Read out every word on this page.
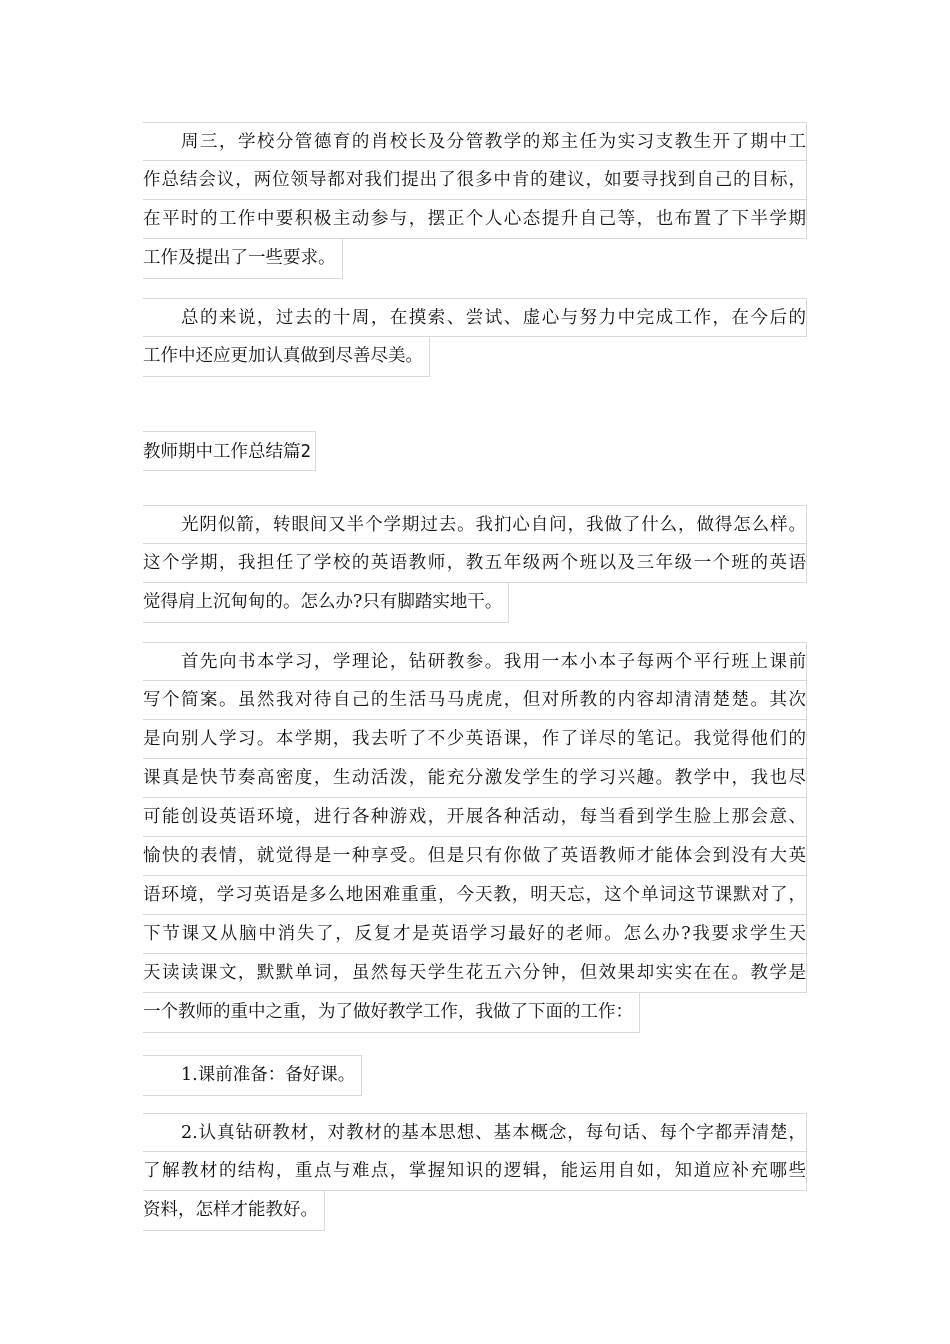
周三，学校分管德育的肖校长及分管教学的郑主任为实习支教生开了期中工
作总结会议，两位领导都对我们提出了很多中肯的建议，如要寻找到自己的目标，
在平时的工作中要积极主动参与，摆正个人心态提升自己等，也布置了下半学期
工作及提出了一些要求。
总的来说，过去的十周，在摸索、尝试、虚心与努力中完成工作，在今后的
工作中还应更加认真做到尽善尽美。
教师期中工作总结篇2
光阴似箭，转眼间又半个学期过去。我扪心自问，我做了什么，做得怎么样。
这个学期，我担任了学校的英语教师，教五年级两个班以及三年级一个班的英语
觉得肩上沉甸甸的。怎么办?只有脚踏实地干。
首先向书本学习，学理论，钻研教参。我用一本小本子每两个平行班上课前
写个简案。虽然我对待自己的生活马马虎虎，但对所教的内容却清清楚楚。其次
是向别人学习。本学期，我去听了不少英语课，作了详尽的笔记。我觉得他们的
课真是快节奏高密度，生动活泼，能充分激发学生的学习兴趣。教学中，我也尽
可能创设英语环境，进行各种游戏，开展各种活动，每当看到学生脸上那会意、
愉快的表情，就觉得是一种享受。但是只有你做了英语教师才能体会到没有大英
语环境，学习英语是多么地困难重重，今天教，明天忘，这个单词这节课默对了，
下节课又从脑中消失了，反复才是英语学习最好的老师。怎么办?我要求学生天
天读读课文，默默单词，虽然每天学生花五六分钟，但效果却实实在在。教学是
一个教师的重中之重，为了做好教学工作，我做了下面的工作：
1.课前准备：备好课。
2.认真钻研教材，对教材的基本思想、基本概念，每句话、每个字都弄清楚，
了解教材的结构，重点与难点，掌握知识的逻辑，能运用自如，知道应补充哪些
资料，怎样才能教好。
